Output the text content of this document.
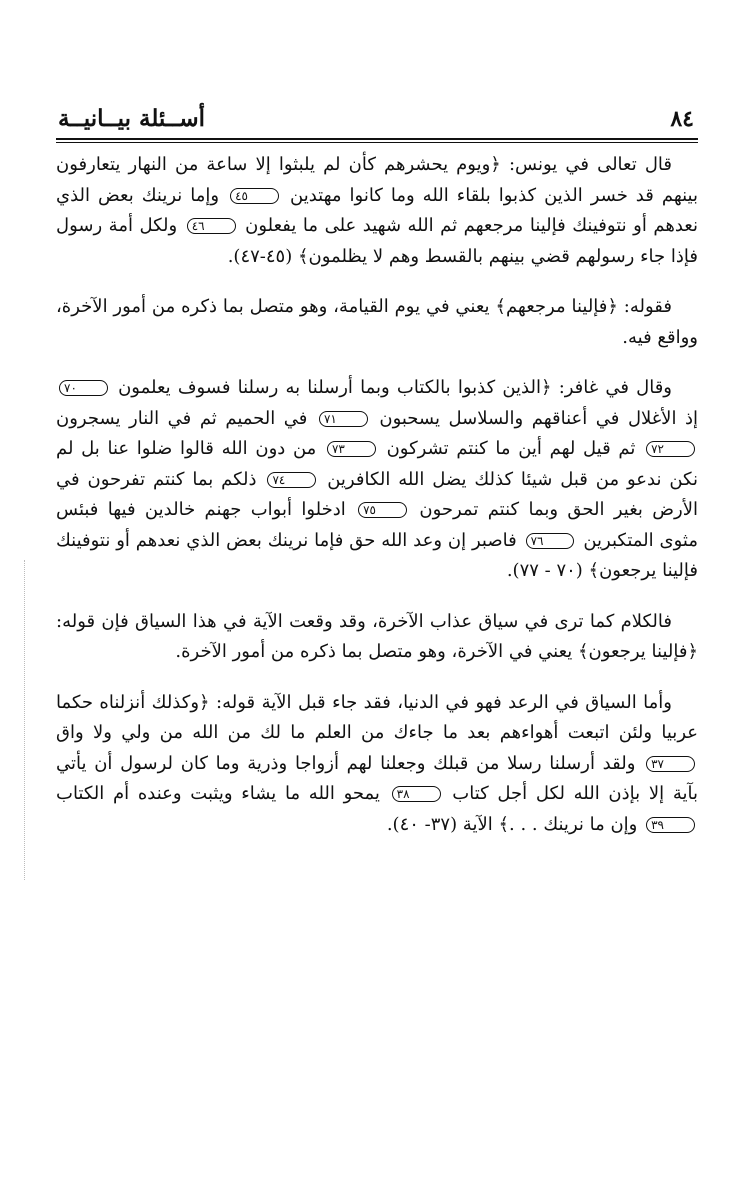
٨٤
أســئلة بيــانيــة

قال تعالى في يونس: ﴿ويوم يحشرهم كأن لم يلبثوا إلا ساعة من النهار يتعارفون بينهم قد خسر الذين كذبوا بلقاء الله وما كانوا مهتدين ٤٥ وإما نرينك بعض الذي نعدهم أو نتوفينك فإلينا مرجعهم ثم الله شهيد على ما يفعلون ٤٦ ولكل أمة رسول فإذا جاء رسولهم قضي بينهم بالقسط وهم لا يظلمون﴾ (٤٥-٤٧).

فقوله: ﴿فإلينا مرجعهم﴾ يعني في يوم القيامة، وهو متصل بما ذكره من أمور الآخرة، وواقع فيه.

وقال في غافر: ﴿الذين كذبوا بالكتاب وبما أرسلنا به رسلنا فسوف يعلمون ٧٠ إذ الأغلال في أعناقهم والسلاسل يسحبون ٧١ في الحميم ثم في النار يسجرون ٧٢ ثم قيل لهم أين ما كنتم تشركون ٧٣ من دون الله قالوا ضلوا عنا بل لم نكن ندعو من قبل شيئا كذلك يضل الله الكافرين ٧٤ ذلكم بما كنتم تفرحون في الأرض بغير الحق وبما كنتم تمرحون ٧٥ ادخلوا أبواب جهنم خالدين فيها فبئس مثوى المتكبرين ٧٦ فاصبر إن وعد الله حق فإما نرينك بعض الذي نعدهم أو نتوفينك فإلينا يرجعون﴾ (٧٠ - ٧٧).

فالكلام كما ترى في سياق عذاب الآخرة، وقد وقعت الآية في هذا السياق فإن قوله: ﴿فإلينا يرجعون﴾ يعني في الآخرة، وهو متصل بما ذكره من أمور الآخرة.

وأما السياق في الرعد فهو في الدنيا، فقد جاء قبل الآية قوله: ﴿وكذلك أنزلناه حكما عربيا ولئن اتبعت أهواءهم بعد ما جاءك من العلم ما لك من الله من ولي ولا واق ٣٧ ولقد أرسلنا رسلا من قبلك وجعلنا لهم أزواجا وذرية وما كان لرسول أن يأتي بآية إلا بإذن الله لكل أجل كتاب ٣٨ يمحو الله ما يشاء ويثبت وعنده أم الكتاب ٣٩ وإن ما نرينك . . .﴾ الآية (٣٧- ٤٠).
